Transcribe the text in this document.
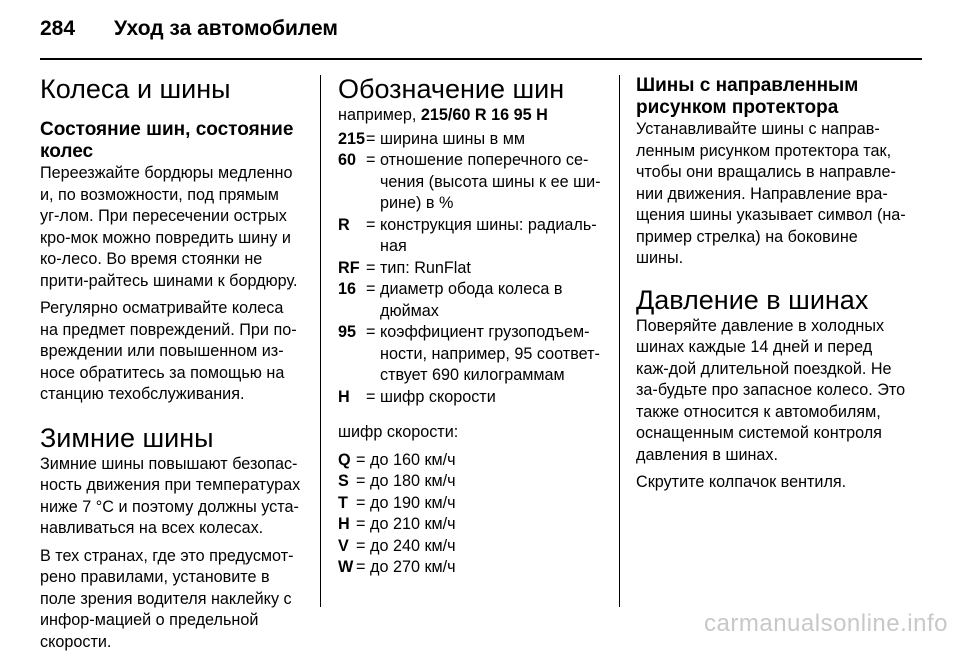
284 Уход за автомобилем
Колеса и шины
Состояние шин, состояние колес

Переезжайте бордюры медленно и, по возможности, под прямым уг-лом. При пересечении острых кро-мок можно повредить шину и ко-лесо. Во время стоянки не прити-райтесь шинами к бордюру.

Регулярно осматривайте колеса на предмет повреждений. При по-вреждении или повышенном из-носе обратитесь за помощью на станцию техобслуживания.

Зимние шины

Зимние шины повышают безопас-ность движения при температурах ниже 7 °C и поэтому должны уста-навливаться на всех колесах.

В тех странах, где это предусмот-рено правилами, установите в поле зрения водителя наклейку с инфор-мацией о предельной скорости.

Обозначение шин

например, 215/60 R 16 95 H

215 = ширина шины в мм
60 = отношение поперечного се-чения (высота шины к ее ши-рине) в %
R	= конструкция шины: радиаль-ная
RF = тип: RunFlat
16 = диаметр обода колеса в дюймах
95 = коэффициент грузоподъем-ности, например, 95 соответ-ствует 690 килограммам
H	= шифр скорости

шифр скорости:

Q = до 160 км/ч
S = до 180 км/ч
T = до 190 км/ч
H = до 210 км/ч
V = до 240 км/ч
W = до 270 км/ч
Шины с направленным рисунком протектора

Устанавливайте шины с направ-ленным рисунком протектора так, чтобы они вращались в направле-нии движения. Направление вра-щения шины указывает символ (на-пример стрелка) на боковине шины.

Давление в шинах

Поверяйте давление в холодных шинах каждые 14 дней и перед каж-дой длительной поездкой. Не за-будьте про запасное колесо. Это также относится к автомобилям, оснащенным системой контроля давления в шинах.

Скрутите колпачок вентиля.

carmanualsonline.info
